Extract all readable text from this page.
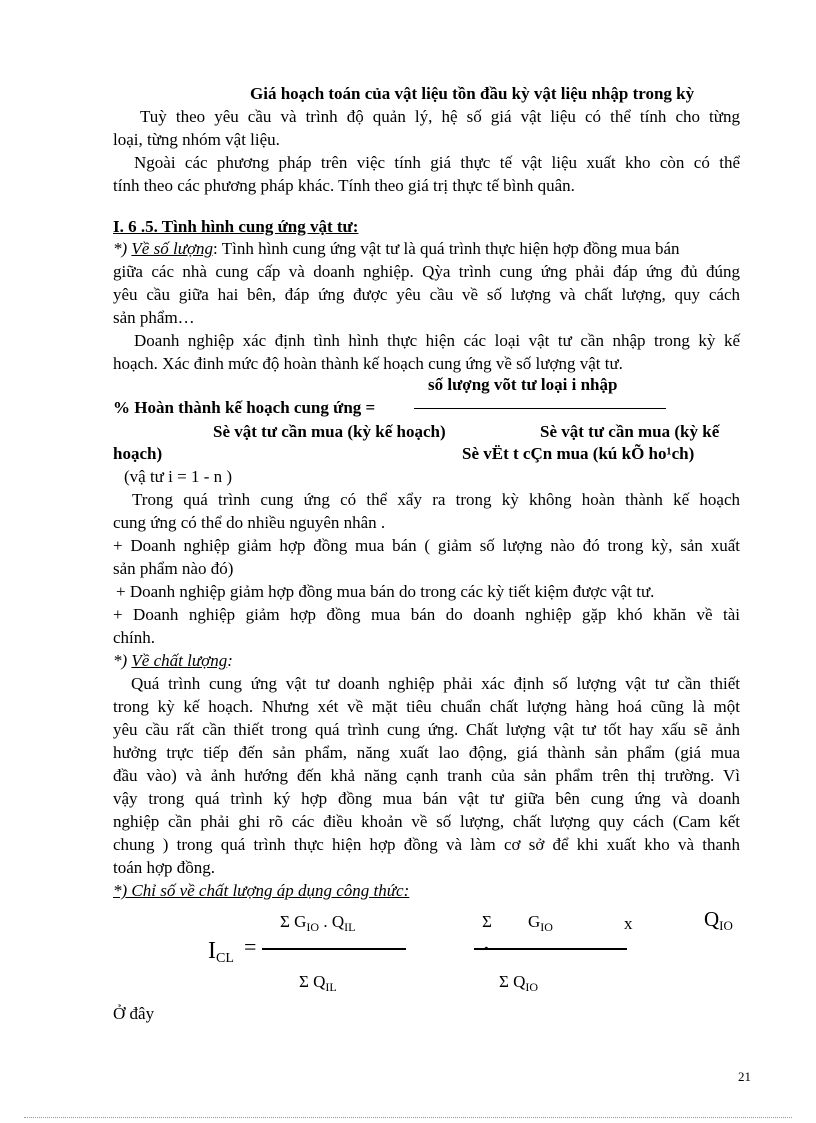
Giá hoạch toán của vật liệu tồn đầu kỳ vật liệu nhập trong kỳ
Tuỳ theo yêu cầu và trình độ quản lý, hệ số giá vật liệu có thể tính cho từng
loại, từng nhóm vật liệu.
Ngoài các phương pháp trên việc tính giá thực tế vật liệu xuất kho còn có thể
tính theo các phương pháp khác. Tính theo giá trị thực tế bình quân.
I. 6 .5. Tình hình cung ứng vật tư:
*) Về số lượng: Tình hình cung ứng vật tư là quá trình thực hiện hợp đồng mua bán
giữa các nhà cung cấp và doanh nghiệp. Qỳa trình cung ứng phải đáp ứng đủ đúng
yêu cầu giữa hai bên, đáp ứng được yêu cầu về số lượng và chất lượng, quy cách
sản phẩm…
Doanh nghiệp xác định tình hình thực hiện các loại vật tư cần nhập trong kỳ kế
hoạch. Xác đinh mức độ hoàn thành kế hoạch cung ứng về số lượng vật tư.
số lượng võt tư loại i nhập
% Hoàn thành kế hoạch cung ứng =
Sè vật tư cần mua (kỳ kế hoạch)	Sè vật tư cần mua (kỳ kế
hoạch)	Sè vËt t cÇn mua (kú kÕ ho¹ch)
(vậ tư i = 1 - n )
Trong quá trình cung ứng có thể xẩy ra trong kỳ không hoàn thành kế hoạch
cung ứng có thể do nhiều nguyên nhân .
+ Doanh nghiệp giảm hợp đồng mua bán ( giảm số lượng nào đó trong kỳ, sản xuất
sản phẩm nào đó)
+ Doanh nghiệp giảm hợp đồng mua bán do trong các kỳ tiết kiệm được vật tư.
+ Doanh nghiệp giảm hợp đồng mua bán do doanh nghiệp gặp khó khăn về tài
chính.
*) Về chất lượng:
Quá trình cung ứng vật tư doanh nghiệp phải xác định số lượng vật tư cần thiết
trong kỳ kế hoạch. Nhưng xét về mặt tiêu chuẩn chất lượng hàng hoá cũng là một
yêu cầu rất cần thiết trong quá trình cung ứng. Chất lượng vật tư tốt hay xấu sẽ ảnh
hưởng trực tiếp đến sản phẩm, năng xuất lao động, giá thành sản phẩm (giá mua
đầu vào) và ảnh hướng đến khả năng cạnh tranh của sản phẩm trên thị trường. Vì
vậy trong quá trình ký hợp đồng mua bán vật tư giữa bên cung ứng và doanh
nghiệp cần phải ghi rõ các điều khoản về số lượng, chất lượng quy cách (Cam kết
chung ) trong quá trình thực hiện hợp đồng và làm cơ sở để khi xuất kho và thanh
toán hợp đồng.
*) Chỉ số về chất lượng áp dụng công thức:
$I_{CL}$ =
Σ $G_{IO}$ . $Q_{IL}$
Σ $Q_{IL}$
Σ $G_{IO}$	x	$Q_{IO}$
·
Σ $Q_{IO}$
Ở đây
21
